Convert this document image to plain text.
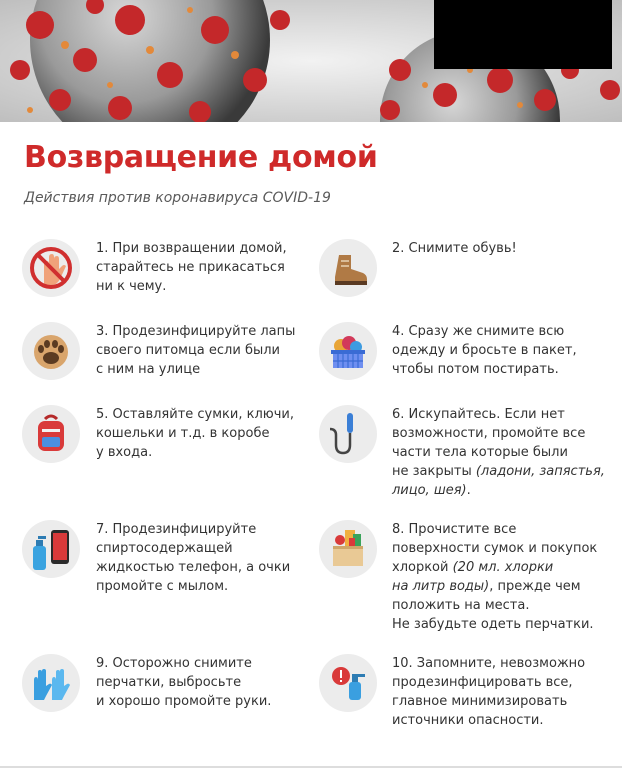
Возвращение домой
Действия против коронавируса COVID-19
1. При возвращении домой,
старайтесь не прикасаться
ни к чему.
2. Снимите обувь!
3. Продезинфицируйте лапы
своего питомца если были
с ним на улице
4. Сразу же снимите всю
одежду и бросьте в пакет,
чтобы потом постирать.
5. Оставляйте сумки, ключи,
кошельки и т.д. в коробе
у входа.
6. Искупайтесь. Если нет
возможности, промойте все
части тела которые были
не закрыты (ладони, запястья,
лицо, шея).
7. Продезинфицируйте
спиртосодержащей
жидкостью телефон, а очки
промойте с мылом.
8. Прочистите все
поверхности сумок и покупок
хлоркой (20 мл. хлорки
на литр воды), прежде чем
положить на места.
Не забудьте одеть перчатки.
9. Осторожно снимите
перчатки, выбросьте
и хорошо промойте руки.
10. Запомните, невозможно
продезинфицировать все,
главное минимизировать
источники опасности.
